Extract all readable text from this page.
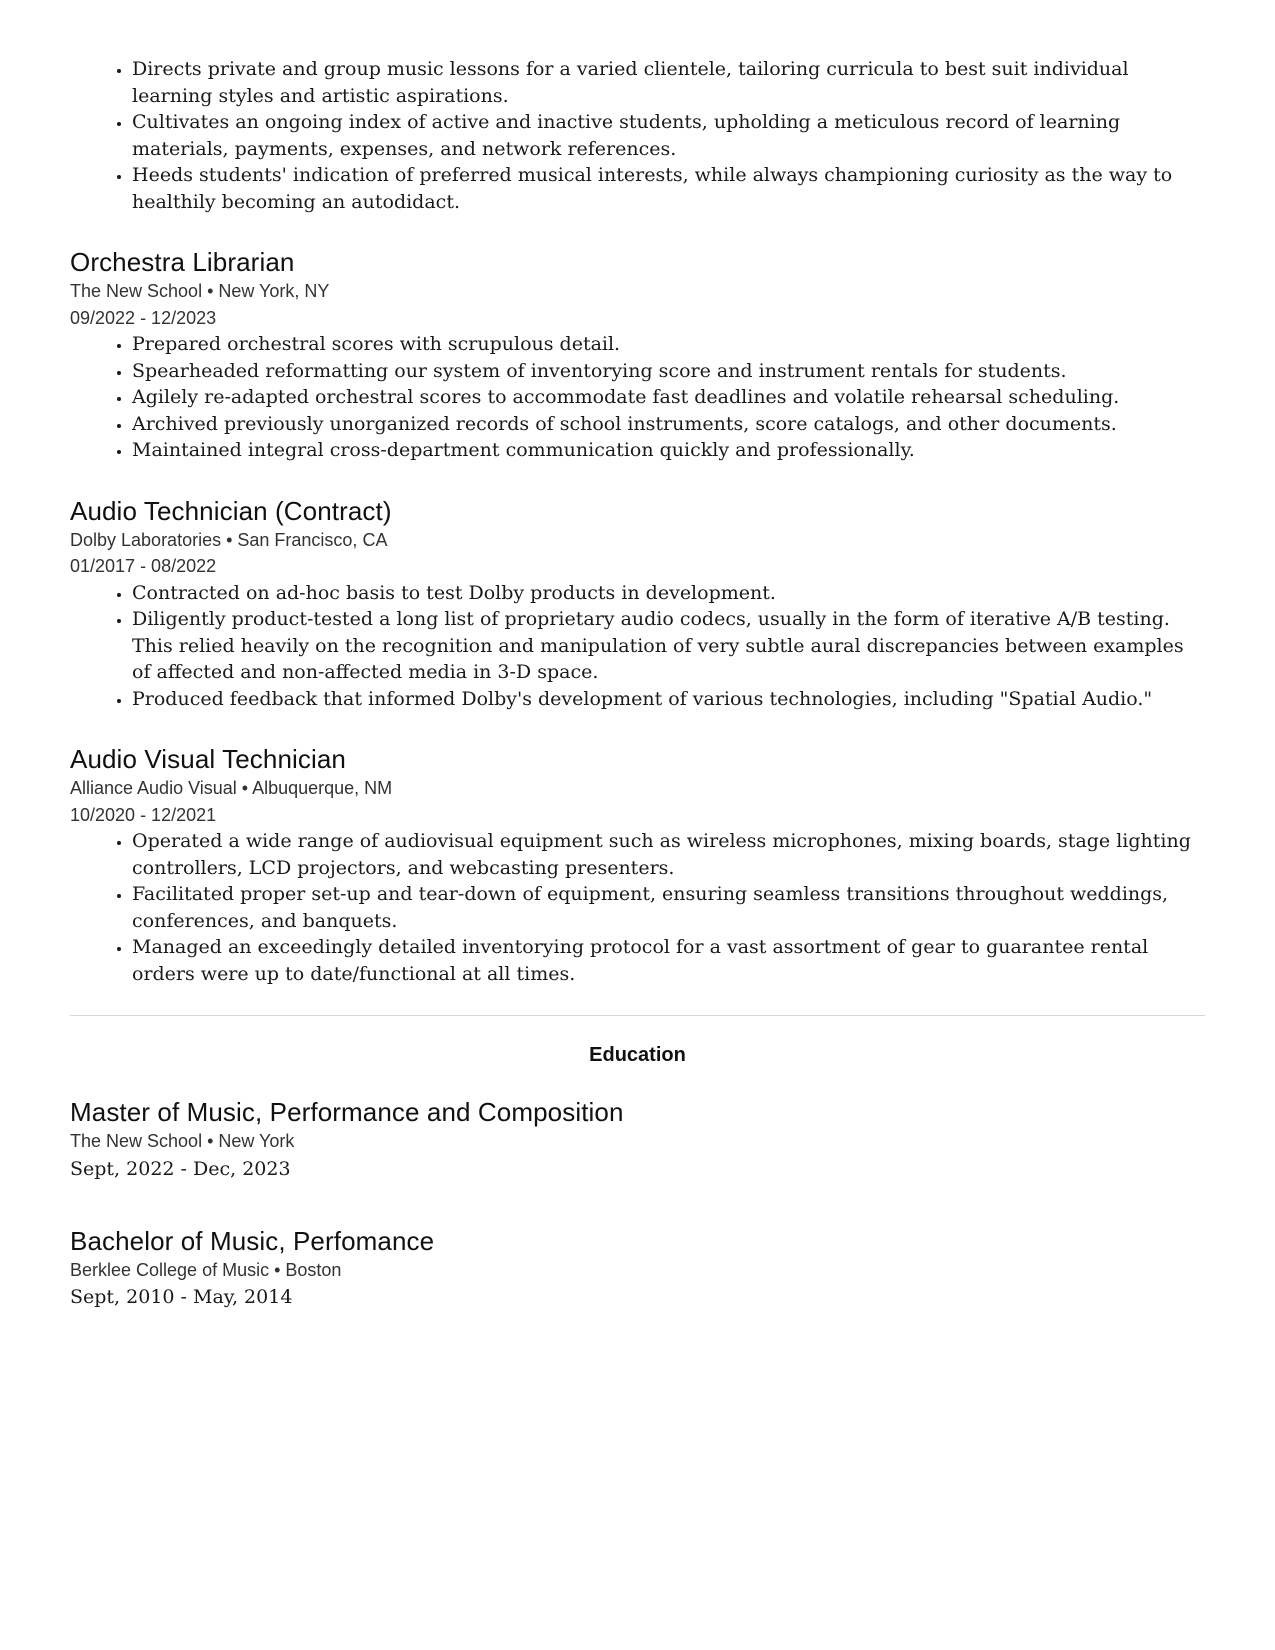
• Directs private and group music lessons for a varied clientele, tailoring curricula to best suit individual learning styles and artistic aspirations.
• Cultivates an ongoing index of active and inactive students, upholding a meticulous record of learning materials, payments, expenses, and network references.
• Heeds students' indication of preferred musical interests, while always championing curiosity as the way to healthily becoming an autodidact.
Orchestra Librarian

The New School • New York, NY

09/2022 - 12/2023

• Prepared orchestral scores with scrupulous detail.
• Spearheaded reformatting our system of inventorying score and instrument rentals for students.
• Agilely re-adapted orchestral scores to accommodate fast deadlines and volatile rehearsal scheduling.
• Archived previously unorganized records of school instruments, score catalogs, and other documents.
• Maintained integral cross-department communication quickly and professionally.
Audio Technician (Contract)

Dolby Laboratories • San Francisco, CA

01/2017 - 08/2022

• Contracted on ad-hoc basis to test Dolby products in development.
• Diligently product-tested a long list of proprietary audio codecs, usually in the form of iterative A/B testing. This relied heavily on the recognition and manipulation of very subtle aural discrepancies between examples of affected and non-affected media in 3-D space.
• Produced feedback that informed Dolby's development of various technologies, including "Spatial Audio."
Audio Visual Technician

Alliance Audio Visual • Albuquerque, NM

10/2020 - 12/2021

• Operated a wide range of audiovisual equipment such as wireless microphones, mixing boards, stage lighting controllers, LCD projectors, and webcasting presenters.
• Facilitated proper set-up and tear-down of equipment, ensuring seamless transitions throughout weddings, conferences, and banquets.
• Managed an exceedingly detailed inventorying protocol for a vast assortment of gear to guarantee rental orders were up to date/functional at all times.
Education
Master of Music, Performance and Composition

The New School • New York

Sept, 2022 - Dec, 2023

Bachelor of Music, Perfomance

Berklee College of Music • Boston

Sept, 2010 - May, 2014
